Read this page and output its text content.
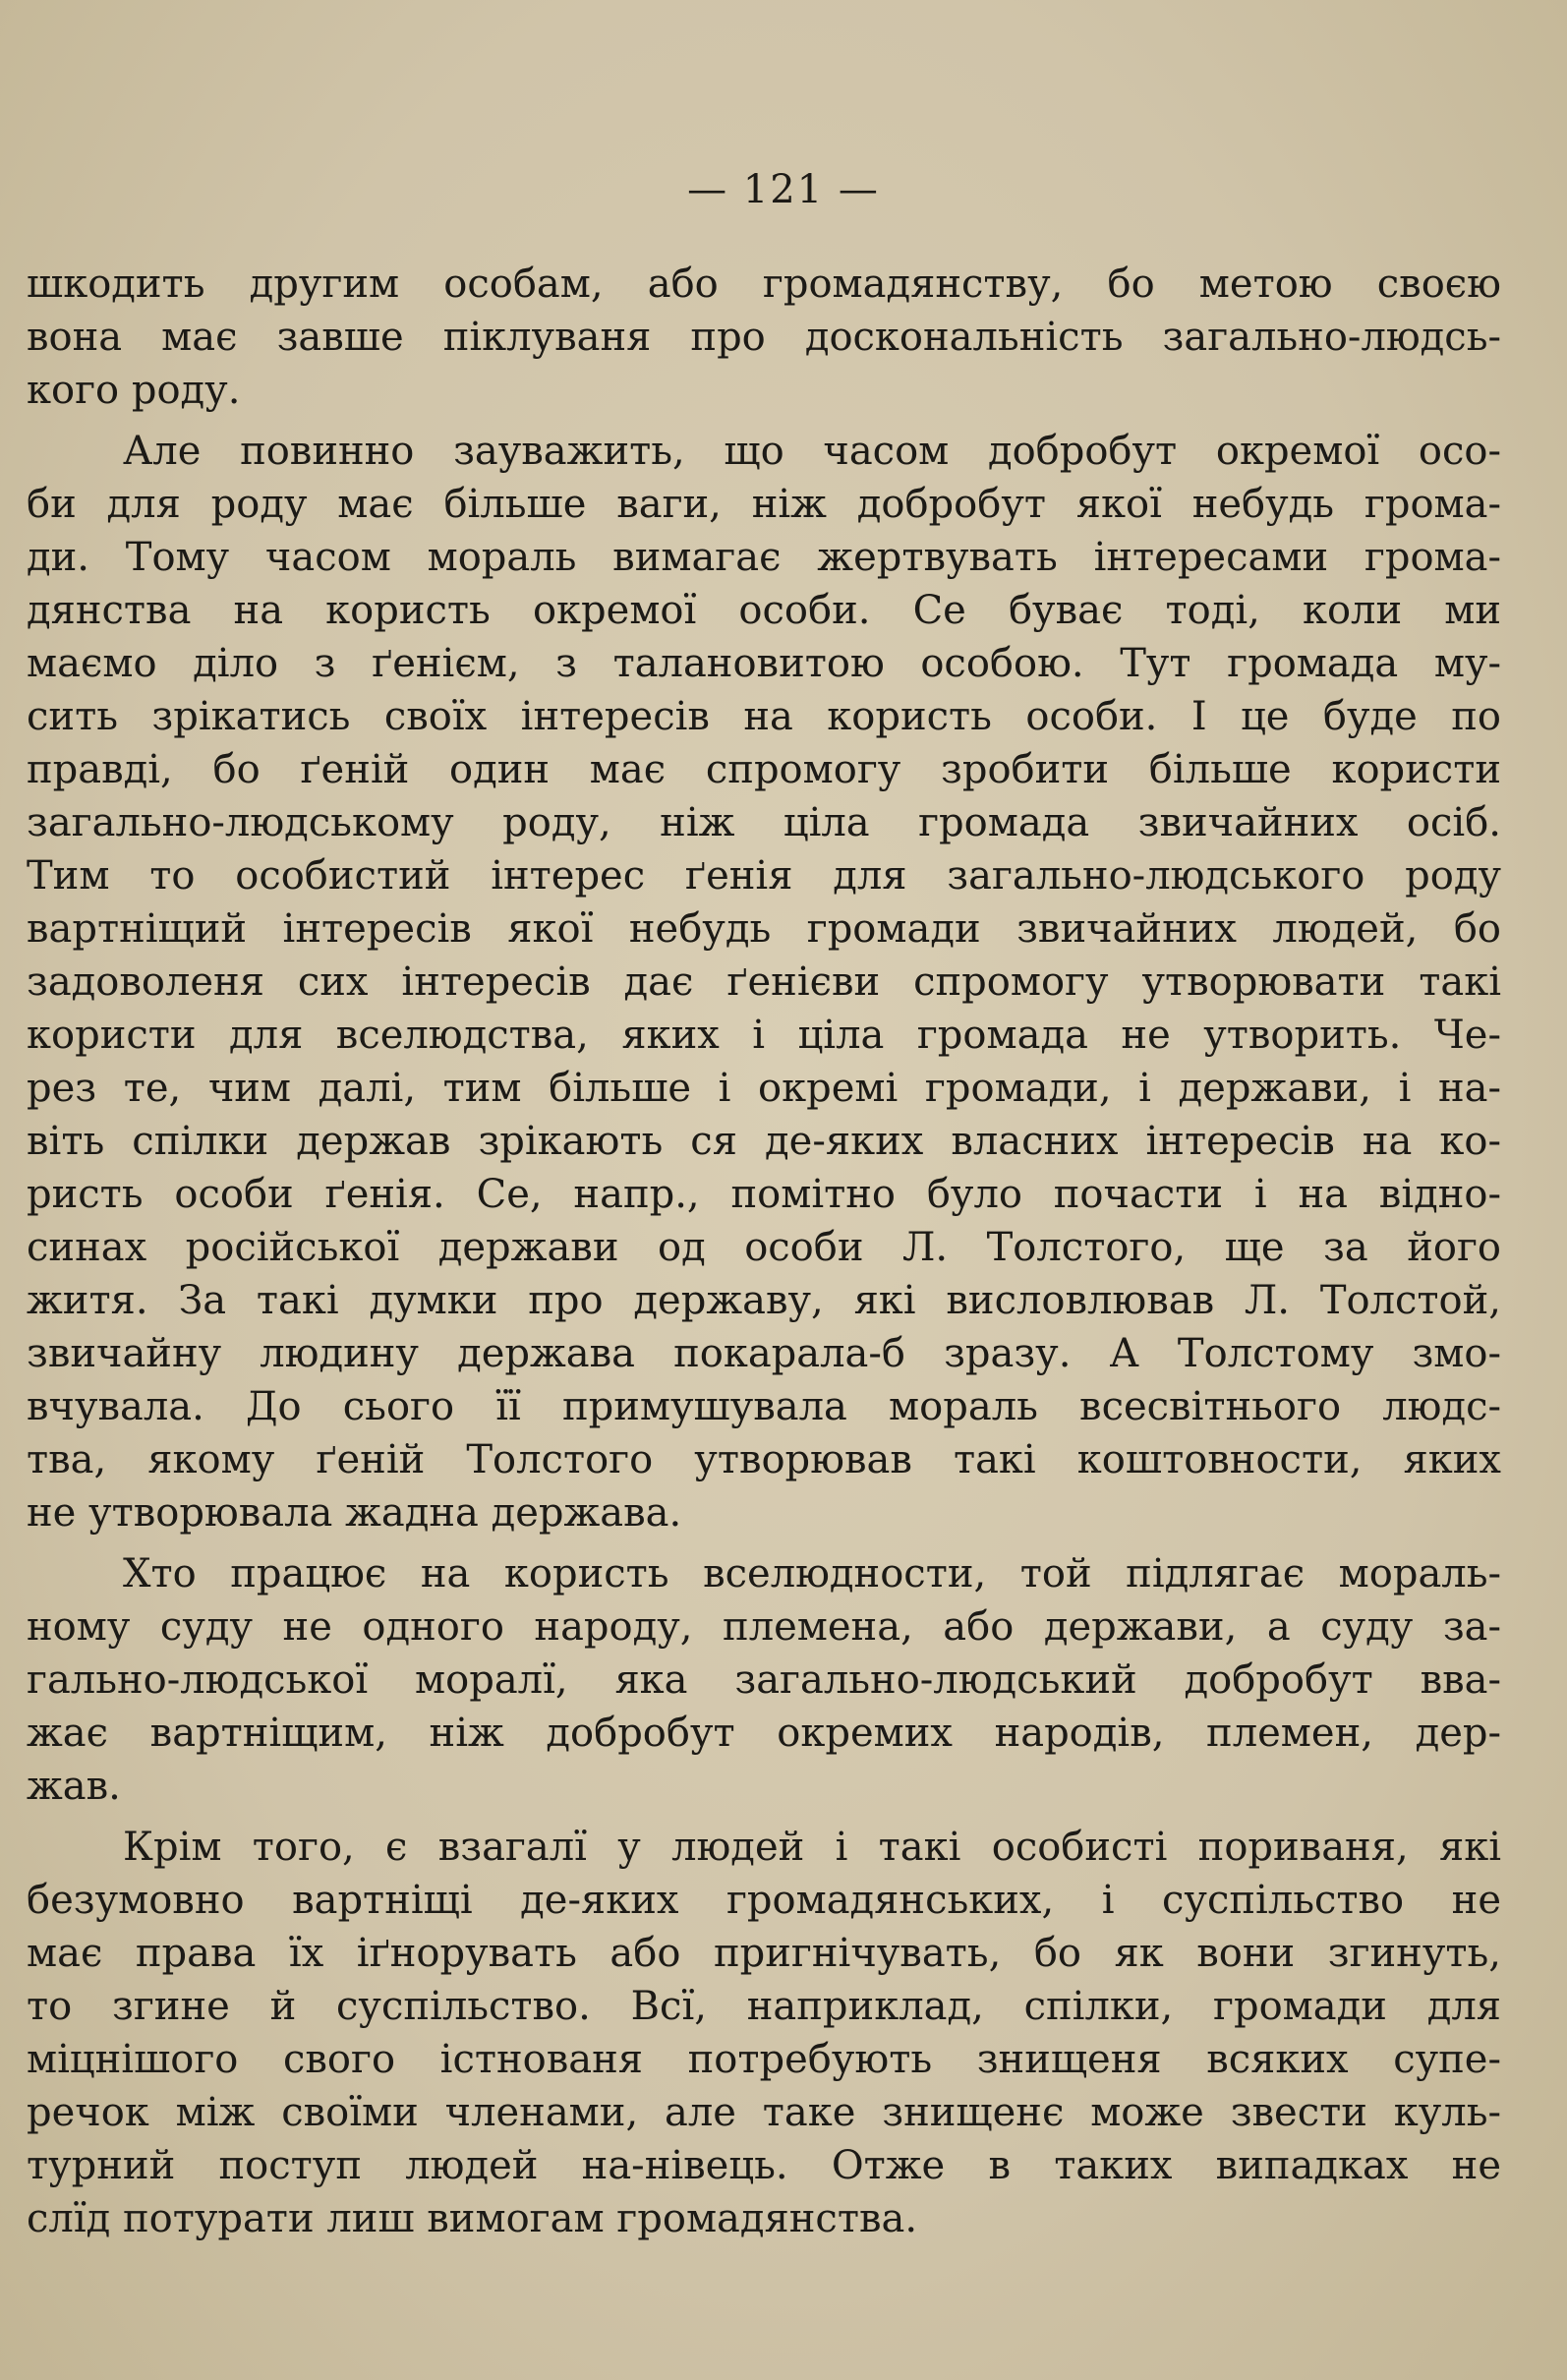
— 121 —

шкодить другим особам, або громадянству, бо метою своєю
вона має завше піклуваня про доскональність загально-людсь-
кого роду.

Але повинно зауважить, що часом добробут окремої осо-
би для роду має більше ваги, ніж добробут якої небудь грома-
ди. Тому часом мораль вимагає жертвувать інтересами грома-
дянства на користь окремої особи. Се буває тоді, коли ми
маємо діло з ґенієм, з талановитою особою. Тут громада му-
сить зрікатись своїх інтересів на користь особи. І це буде по
правді, бо ґеній один має спромогу зробити більше користи
загально-людському роду, ніж ціла громада звичайних осіб.
Тим то особистий інтерес ґенія для загально-людського роду
вартніщий інтересів якої небудь громади звичайних людей, бо
задоволеня сих інтересів дає ґенієви спромогу утворювати такі
користи для вселюдства, яких і ціла громада не утворить. Че-
рез те, чим далі, тим більше і окремі громади, і держави, і на-
віть спілки держав зрікають ся де-яких власних інтересів на ко-
ристь особи ґенія. Се, напр., помітно було почасти і на відно-
синах російської держави од особи Л. Толстого, ще за його
житя. За такі думки про державу, які висловлював Л. Толстой,
звичайну людину держава покарала-б зразу. А Толстому змо-
вчувала. До сього її примушувала мораль всесвітнього людс-
тва, якому ґеній Толстого утворював такі коштовности, яких
не утворювала жадна держава.

Хто працює на користь вселюдности, той підлягає мораль-
ному суду не одного народу, племена, або держави, а суду за-
гально-людської моралї, яка загально-людський добробут вва-
жає вартніщим, ніж добробут окремих народів, племен, дер-
жав.

Крім того, є взагалї у людей і такі особисті пориваня, які
безумовно вартніщі де-яких громадянських, і суспільство не
має права їх іґнорувать або пригнічувать, бо як вони згинуть,
то згине й суспільство. Всї, наприклад, спілки, громади для
міцнішого свого істнованя потребують знищеня всяких супе-
речок між своїми членами, але таке знищенє може звести куль-
турний поступ людей на-нівець. Отже в таких випадках не
слїд потурати лиш вимогам громадянства.
